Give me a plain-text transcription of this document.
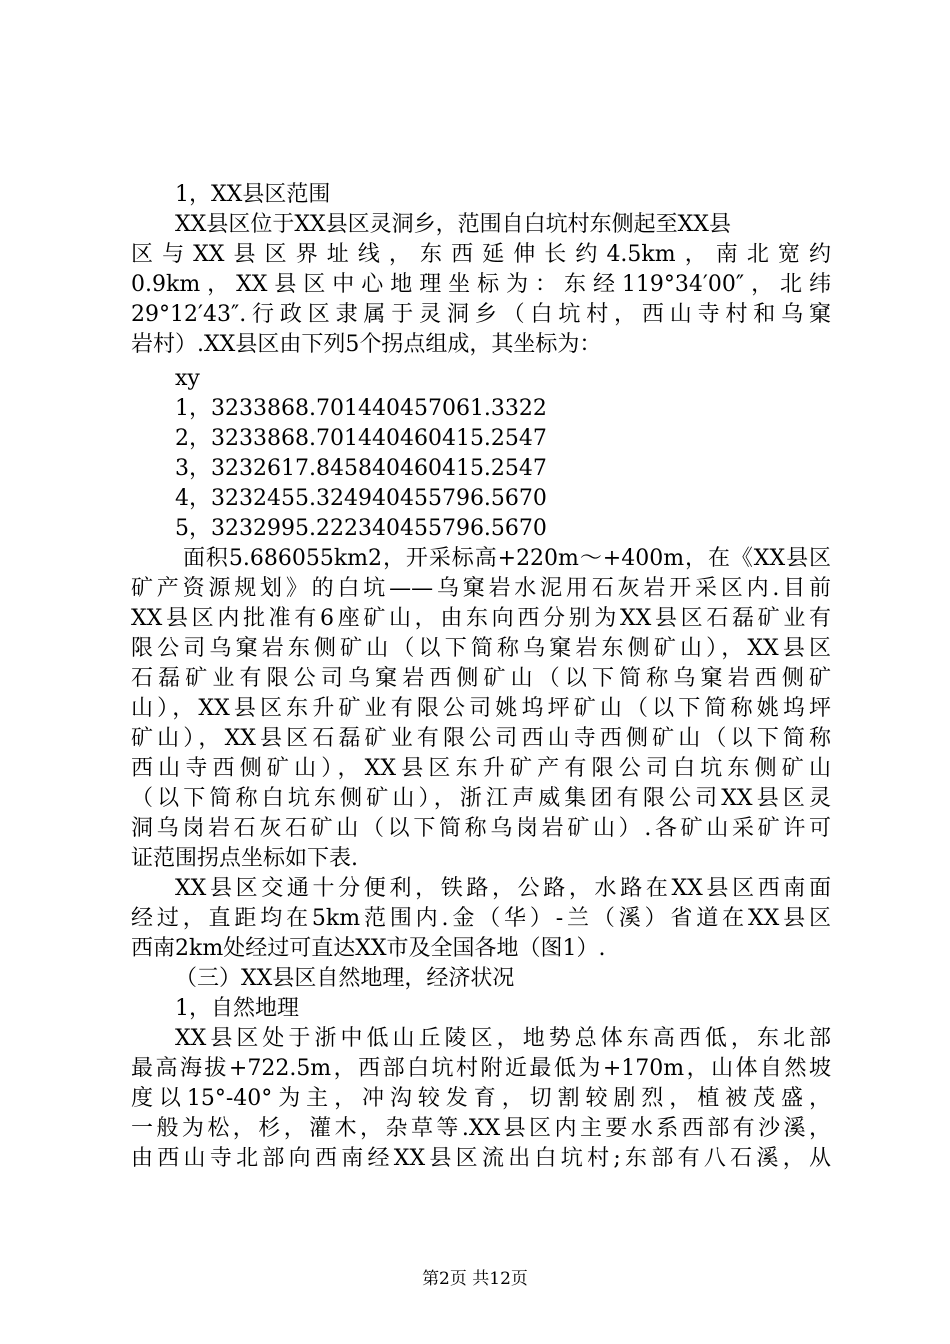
1，XX县区范围
XX县区位于XX县区灵洞乡，范围自白坑村东侧起至XX县
区与XX县区界址线，东西延伸长约4.5km，南北宽约
0.9km，XX县区中心地理坐标为：东经119°34′00″，北纬
29°12′43″.行政区隶属于灵洞乡（白坑村，西山寺村和乌窠
岩村）.XX县区由下列5个拐点组成，其坐标为：
xy
1，3233868.701440457061.3322
2，3233868.701440460415.2547
3，3232617.845840460415.2547
4，3232455.324940455796.5670
5，3232995.222340455796.5670
面积5.686055km2，开采标高+220m～+400m，在《XX县区
矿产资源规划》的白坑——乌窠岩水泥用石灰岩开采区内.目前
XX县区内批准有6座矿山，由东向西分别为XX县区石磊矿业有
限公司乌窠岩东侧矿山（以下简称乌窠岩东侧矿山），XX县区
石磊矿业有限公司乌窠岩西侧矿山（以下简称乌窠岩西侧矿
山），XX县区东升矿业有限公司姚坞坪矿山（以下简称姚坞坪
矿山），XX县区石磊矿业有限公司西山寺西侧矿山（以下简称
西山寺西侧矿山），XX县区东升矿产有限公司白坑东侧矿山
（以下简称白坑东侧矿山），浙江声威集团有限公司XX县区灵
洞乌岗岩石灰石矿山（以下简称乌岗岩矿山）.各矿山采矿许可
证范围拐点坐标如下表.
XX县区交通十分便利，铁路，公路，水路在XX县区西南面
经过，直距均在5km范围内.金（华）-兰（溪）省道在XX县区
西南2km处经过可直达XX市及全国各地（图1）.
（三）XX县区自然地理，经济状况
1，自然地理
XX县区处于浙中低山丘陵区，地势总体东高西低，东北部
最高海拔+722.5m，西部白坑村附近最低为+170m，山体自然坡
度以15°-40°为主，冲沟较发育，切割较剧烈，植被茂盛，
一般为松，杉，灌木，杂草等.XX县区内主要水系西部有沙溪，
由西山寺北部向西南经XX县区流出白坑村;东部有八石溪，从
第2页 共12页
